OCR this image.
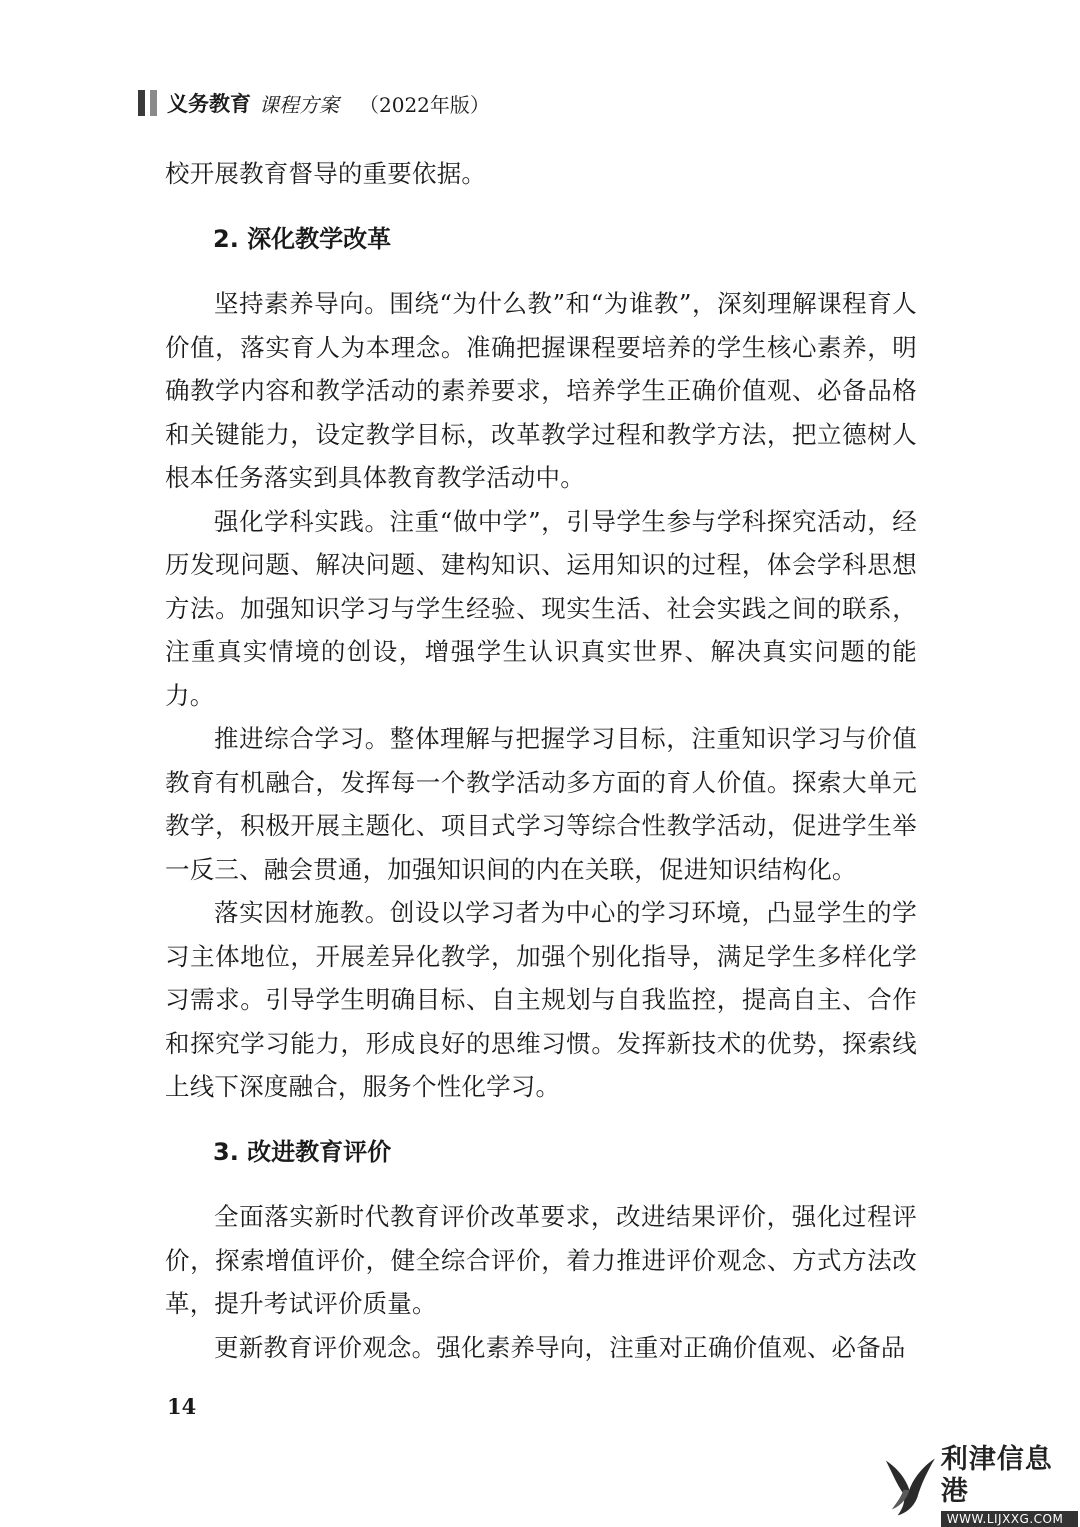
义务教育 课程方案 （2022年版）

校开展教育督导的重要依据。

2. 深化教学改革

坚持素养导向。围绕“为什么教”和“为谁教”，深刻理解课程育人价值，落实育人为本理念。准确把握课程要培养的学生核心素养，明确教学内容和教学活动的素养要求，培养学生正确价值观、必备品格和关键能力，设定教学目标，改革教学过程和教学方法，把立德树人根本任务落实到具体教育教学活动中。

强化学科实践。注重“做中学”，引导学生参与学科探究活动，经历发现问题、解决问题、建构知识、运用知识的过程，体会学科思想方法。加强知识学习与学生经验、现实生活、社会实践之间的联系，注重真实情境的创设，增强学生认识真实世界、解决真实问题的能力。

推进综合学习。整体理解与把握学习目标，注重知识学习与价值教育有机融合，发挥每一个教学活动多方面的育人价值。探索大单元教学，积极开展主题化、项目式学习等综合性教学活动，促进学生举一反三、融会贯通，加强知识间的内在关联，促进知识结构化。

落实因材施教。创设以学习者为中心的学习环境，凸显学生的学习主体地位，开展差异化教学，加强个别化指导，满足学生多样化学习需求。引导学生明确目标、自主规划与自我监控，提高自主、合作和探究学习能力，形成良好的思维习惯。发挥新技术的优势，探索线上线下深度融合，服务个性化学习。

3. 改进教育评价

全面落实新时代教育评价改革要求，改进结果评价，强化过程评价，探索增值评价，健全综合评价，着力推进评价观念、方式方法改革，提升考试评价质量。

更新教育评价观念。强化素养导向，注重对正确价值观、必备品

14
利津信息港
WWW.LIJXXG.COM
